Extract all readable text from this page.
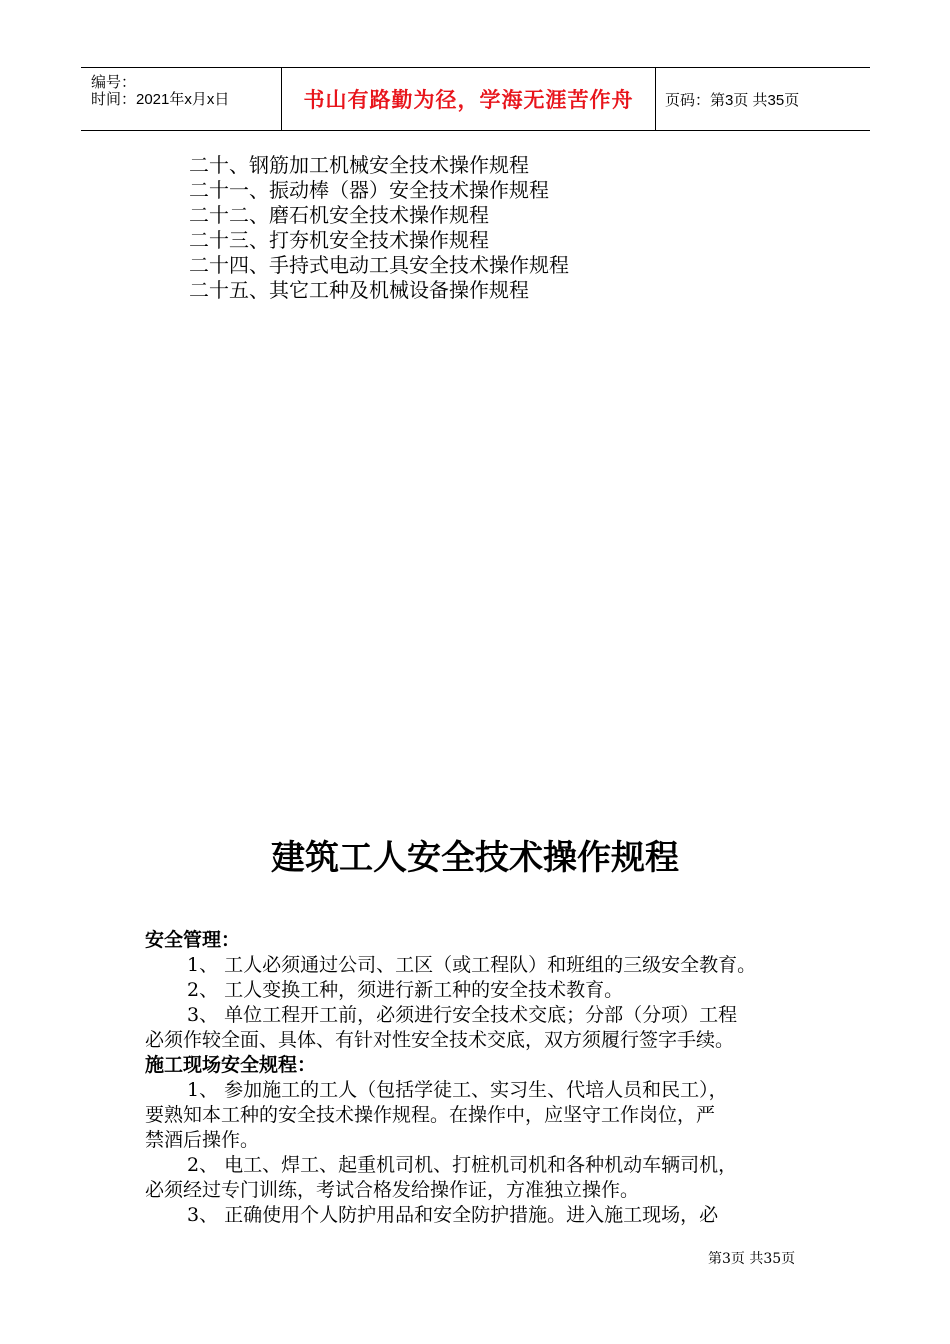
编号：
时间：2021年x月x日	书山有路勤为径，学海无涯苦作舟 页码：第3页 共35页
二十、钢筋加工机械安全技术操作规程
二十一、振动棒（器）安全技术操作规程
二十二、磨石机安全技术操作规程
二十三、打夯机安全技术操作规程
二十四、手持式电动工具安全技术操作规程
二十五、其它工种及机械设备操作规程
建筑工人安全技术操作规程
安全管理：
1、 工人必须通过公司、工区（或工程队）和班组的三级安全教育。
2、 工人变换工种，须进行新工种的安全技术教育。
3、 单位工程开工前，必须进行安全技术交底；分部（分项）工程
必须作较全面、具体、有针对性安全技术交底，双方须履行签字手续。
施工现场安全规程：
1、 参加施工的工人（包括学徒工、实习生、代培人员和民工），
要熟知本工种的安全技术操作规程。在操作中，应坚守工作岗位，严
禁酒后操作。
2、 电工、焊工、起重机司机、打桩机司机和各种机动车辆司机，
必须经过专门训练，考试合格发给操作证，方准独立操作。
3、 正确使用个人防护用品和安全防护措施。进入施工现场，必
第3页 共35页
